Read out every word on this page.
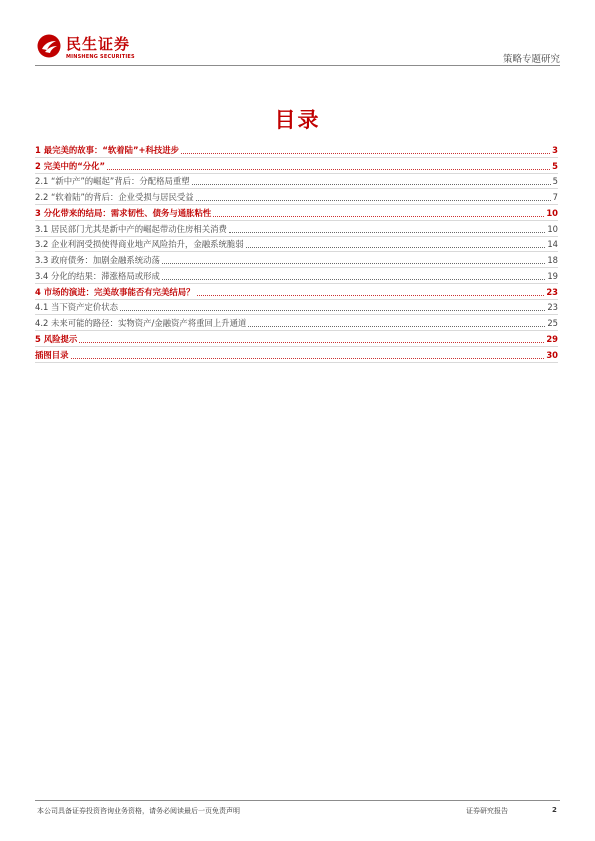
民生证券
MINSHENG SECURITIES	策略专题研究
目录
1 最完美的故事：“软着陆”+科技进步	3
2 完美中的“分化”	5
2.1 “新中产”的崛起”背后：分配格局重塑	5
2.2 “软着陆”的背后：企业受损与居民受益	7
3 分化带来的结局：需求韧性、债务与通胀粘性	10
3.1 居民部门尤其是新中产的崛起带动住房相关消费	10
3.2 企业利润受损使得商业地产风险抬升，金融系统脆弱	14
3.3 政府债务：加剧金融系统动荡	18
3.4 分化的结果：滞涨格局或形成	19
4 市场的演进：完美故事能否有完美结局？	23
4.1 当下资产定价状态	23
4.2 未来可能的路径：实物资产/金融资产将重回上升通道	25
5 风险提示	29
插图目录	30
本公司具备证券投资咨询业务资格，请务必阅读最后一页免责声明	证券研究报告	2
